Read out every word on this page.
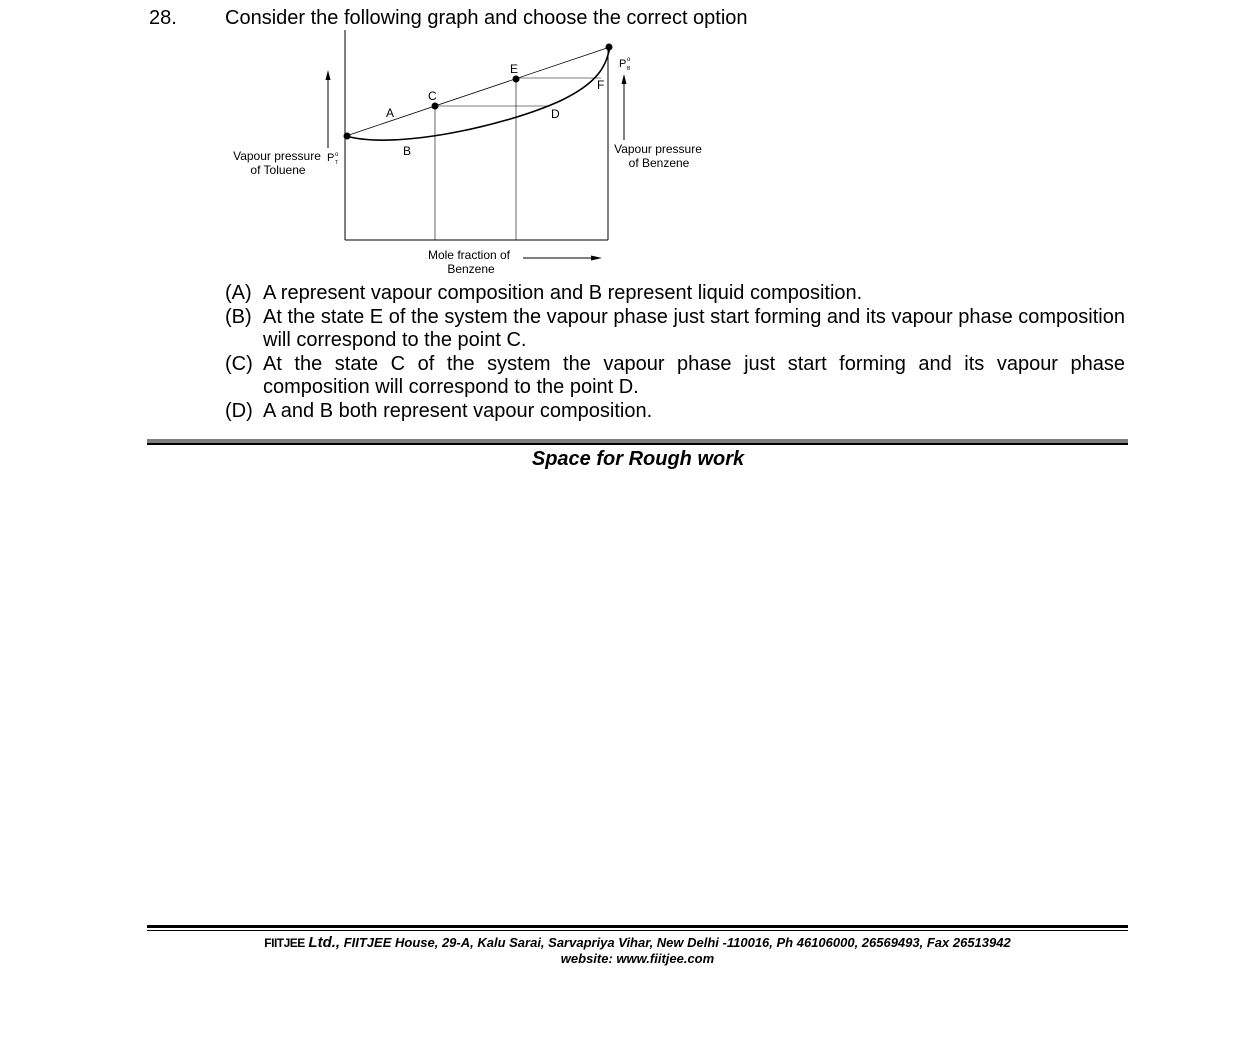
28. Consider the following graph and choose the correct option
A
B
C
D
E
F
P o
T
P o
B
Vapour pressure
of Toluene
Vapour pressure
of Benzene
Mole fraction of
Benzene
(A) A represent vapour composition and B represent liquid composition.
(B) At the state E of the system the vapour phase just start forming and its vapour phase composition will correspond to the point C.
(C) At the state C of the system the vapour phase just start forming and its vapour phase composition will correspond to the point D.
(D) A and B both represent vapour composition.
Space for Rough work
FIITJEE Ltd., FIITJEE House, 29-A, Kalu Sarai, Sarvapriya Vihar, New Delhi -110016, Ph 46106000, 26569493, Fax 26513942
website: www.fiitjee.com
